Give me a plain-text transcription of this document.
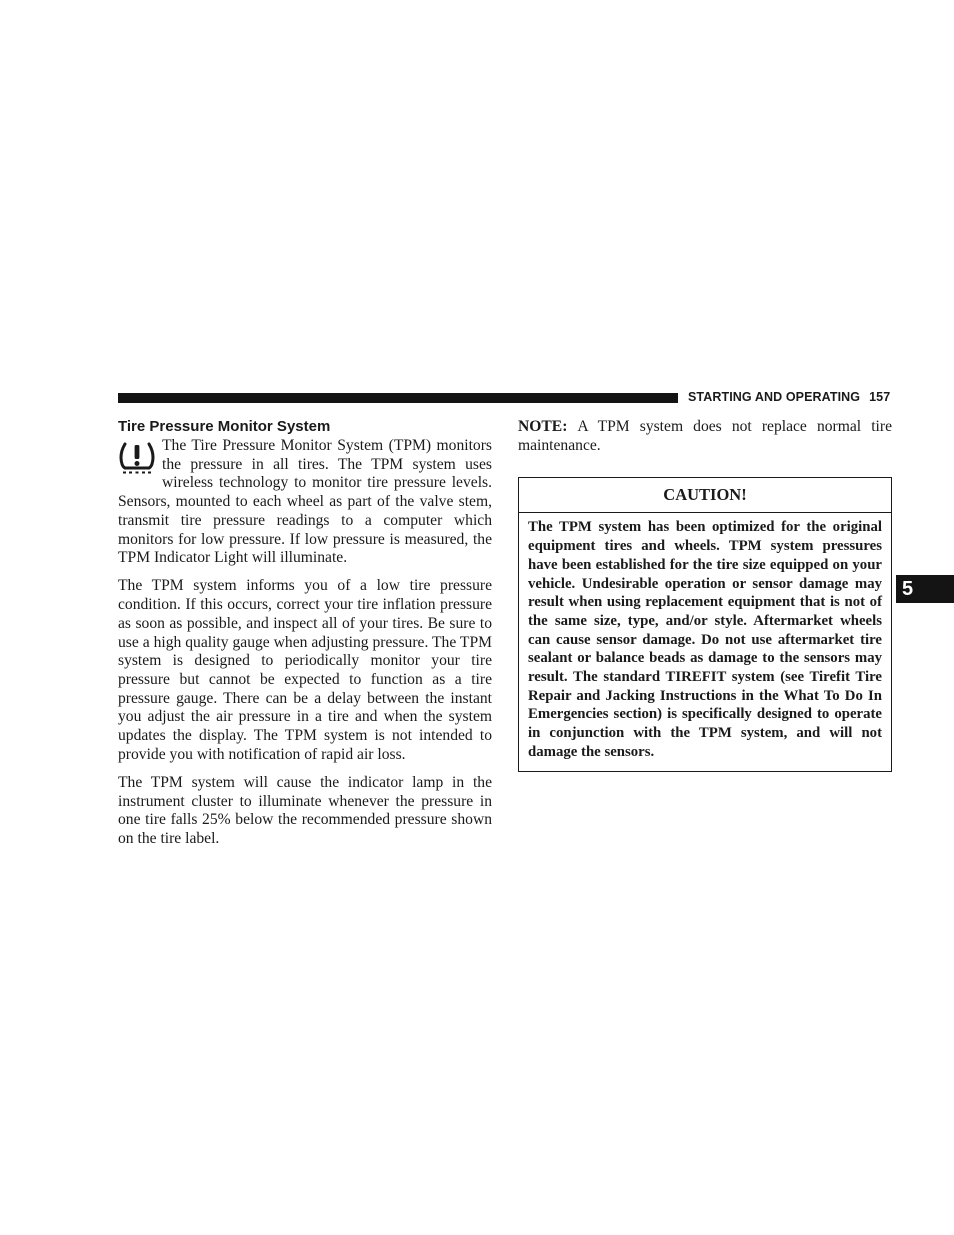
STARTING AND OPERATING 157
5
Tire Pressure Monitor System

The Tire Pressure Monitor System (TPM) monitors the pressure in all tires. The TPM system uses wireless technology to monitor tire pressure levels. Sensors, mounted to each wheel as part of the valve stem, transmit tire pressure readings to a computer which monitors for low pressure. If low pressure is measured, the TPM Indicator Light will illuminate.

The TPM system informs you of a low tire pressure condition. If this occurs, correct your tire inflation pressure as soon as possible, and inspect all of your tires. Be sure to use a high quality gauge when adjusting pressure. The TPM system is designed to periodically monitor your tire pressure but cannot be expected to function as a tire pressure gauge. There can be a delay between the instant you adjust the air pressure in a tire and when the system updates the display. The TPM system is not intended to provide you with notification of rapid air loss.

The TPM system will cause the indicator lamp in the instrument cluster to illuminate whenever the pressure in one tire falls 25% below the recommended pressure shown on the tire label.

NOTE: A TPM system does not replace normal tire maintenance.

CAUTION!
The TPM system has been optimized for the original equipment tires and wheels. TPM system pressures have been established for the tire size equipped on your vehicle. Undesirable operation or sensor damage may result when using replacement equipment that is not of the same size, type, and/or style. Aftermarket wheels can cause sensor damage. Do not use aftermarket tire sealant or balance beads as damage to the sensors may result. The standard TIREFIT system (see Tirefit Tire Repair and Jacking Instructions in the What To Do In Emergencies section) is specifically designed to operate in conjunction with the TPM system, and will not damage the sensors.
